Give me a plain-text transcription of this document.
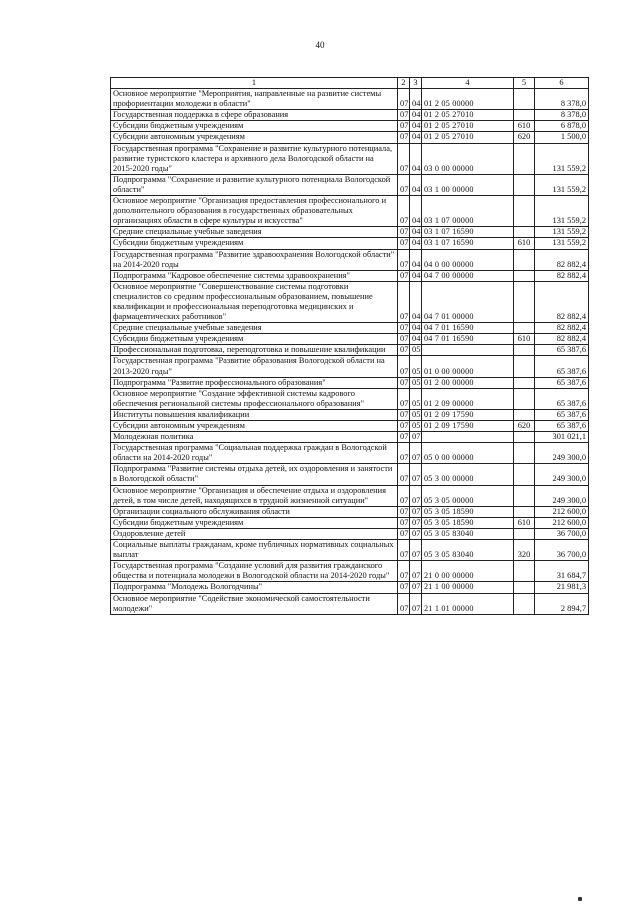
40
1	2	3	4	5	6
Основное мероприятие "Мероприятия, направленные на развитие системы профориентации молодежи в области"	07	04	01 2 05 00000		8 378,0
Государственная поддержка в сфере образования	07	04	01 2 05 27010		8 378,0
Субсидии бюджетным учреждениям	07	04	01 2 05 27010	610	6 878,0
Субсидии автономным учреждениям	07	04	01 2 05 27010	620	1 500,0
Государственная программа "Сохранение и развитие культурного потенциала, развитие туристского кластера и архивного дела Вологодской области на 2015-2020 годы"	07	04	03 0 00 00000		131 559,2
Подпрограмма "Сохранение и развитие культурного потенциала Вологодской области"	07	04	03 1 00 00000		131 559,2
Основное мероприятие "Организация предоставления профессионального и дополнительного образования в государственных образовательных организациях области в сфере культуры и искусства"	07	04	03 1 07 00000		131 559,2
Средние специальные учебные заведения	07	04	03 1 07 16590		131 559,2
Субсидии бюджетным учреждениям	07	04	03 1 07 16590	610	131 559,2
Государственная программа "Развитие здравоохранения Вологодской области" на 2014-2020 годы	07	04	04 0 00 00000		82 882,4
Подпрограмма "Кадровое обеспечение системы здравоохранения"	07	04	04 7 00 00000		82 882,4
Основное мероприятие "Совершенствование системы подготовки специалистов со средним профессиональным образованием, повышение квалификации и профессиональная переподготовка медицинских и фармацевтических работников"	07	04	04 7 01 00000		82 882,4
Средние специальные учебные заведения	07	04	04 7 01 16590		82 882,4
Субсидии бюджетным учреждениям	07	04	04 7 01 16590	610	82 882,4
Профессиональная подготовка, переподготовка и повышение квалификации	07	05			65 387,6
Государственная программа "Развитие образования Вологодской области на 2013-2020 годы"	07	05	01 0 00 00000		65 387,6
Подпрограмма "Развитие профессионального образования"	07	05	01 2 00 00000		65 387,6
Основное мероприятие "Создание эффективной системы кадрового обеспечения региональной системы профессионального образования"	07	05	01 2 09 00000		65 387,6
Институты повышения квалификации	07	05	01 2 09 17590		65 387,6
Субсидии автономным учреждениям	07	05	01 2 09 17590	620	65 387,6
Молодежная политика	07	07			301 021,1
Государственная программа "Социальная поддержка граждан в Вологодской области на 2014-2020 годы"	07	07	05 0 00 00000		249 300,0
Подпрограмма "Развитие системы отдыха детей, их оздоровления и занятости в Вологодской области"	07	07	05 3 00 00000		249 300,0
Основное мероприятие "Организация и обеспечение отдыха и оздоровления детей, в том числе детей, находящихся в трудной жизненной ситуации"	07	07	05 3 05 00000		249 300,0
Организации социального обслуживания области	07	07	05 3 05 18590		212 600,0
Субсидии бюджетным учреждениям	07	07	05 3 05 18590	610	212 600,0
Оздоровление детей	07	07	05 3 05 83040		36 700,0
Социальные выплаты гражданам, кроме публичных нормативных социальных выплат	07	07	05 3 05 83040	320	36 700,0
Государственная программа "Создание условий для развития гражданского общества и потенциала молодежи в Вологодской области на 2014-2020 годы"	07	07	21 0 00 00000		31 684,7
Подпрограмма "Молодежь Вологодчины"	07	07	21 1 00 00000		21 981,3
Основное мероприятие "Содействие экономической самостоятельности молодежи"	07	07	21 1 01 00000		2 894,7
